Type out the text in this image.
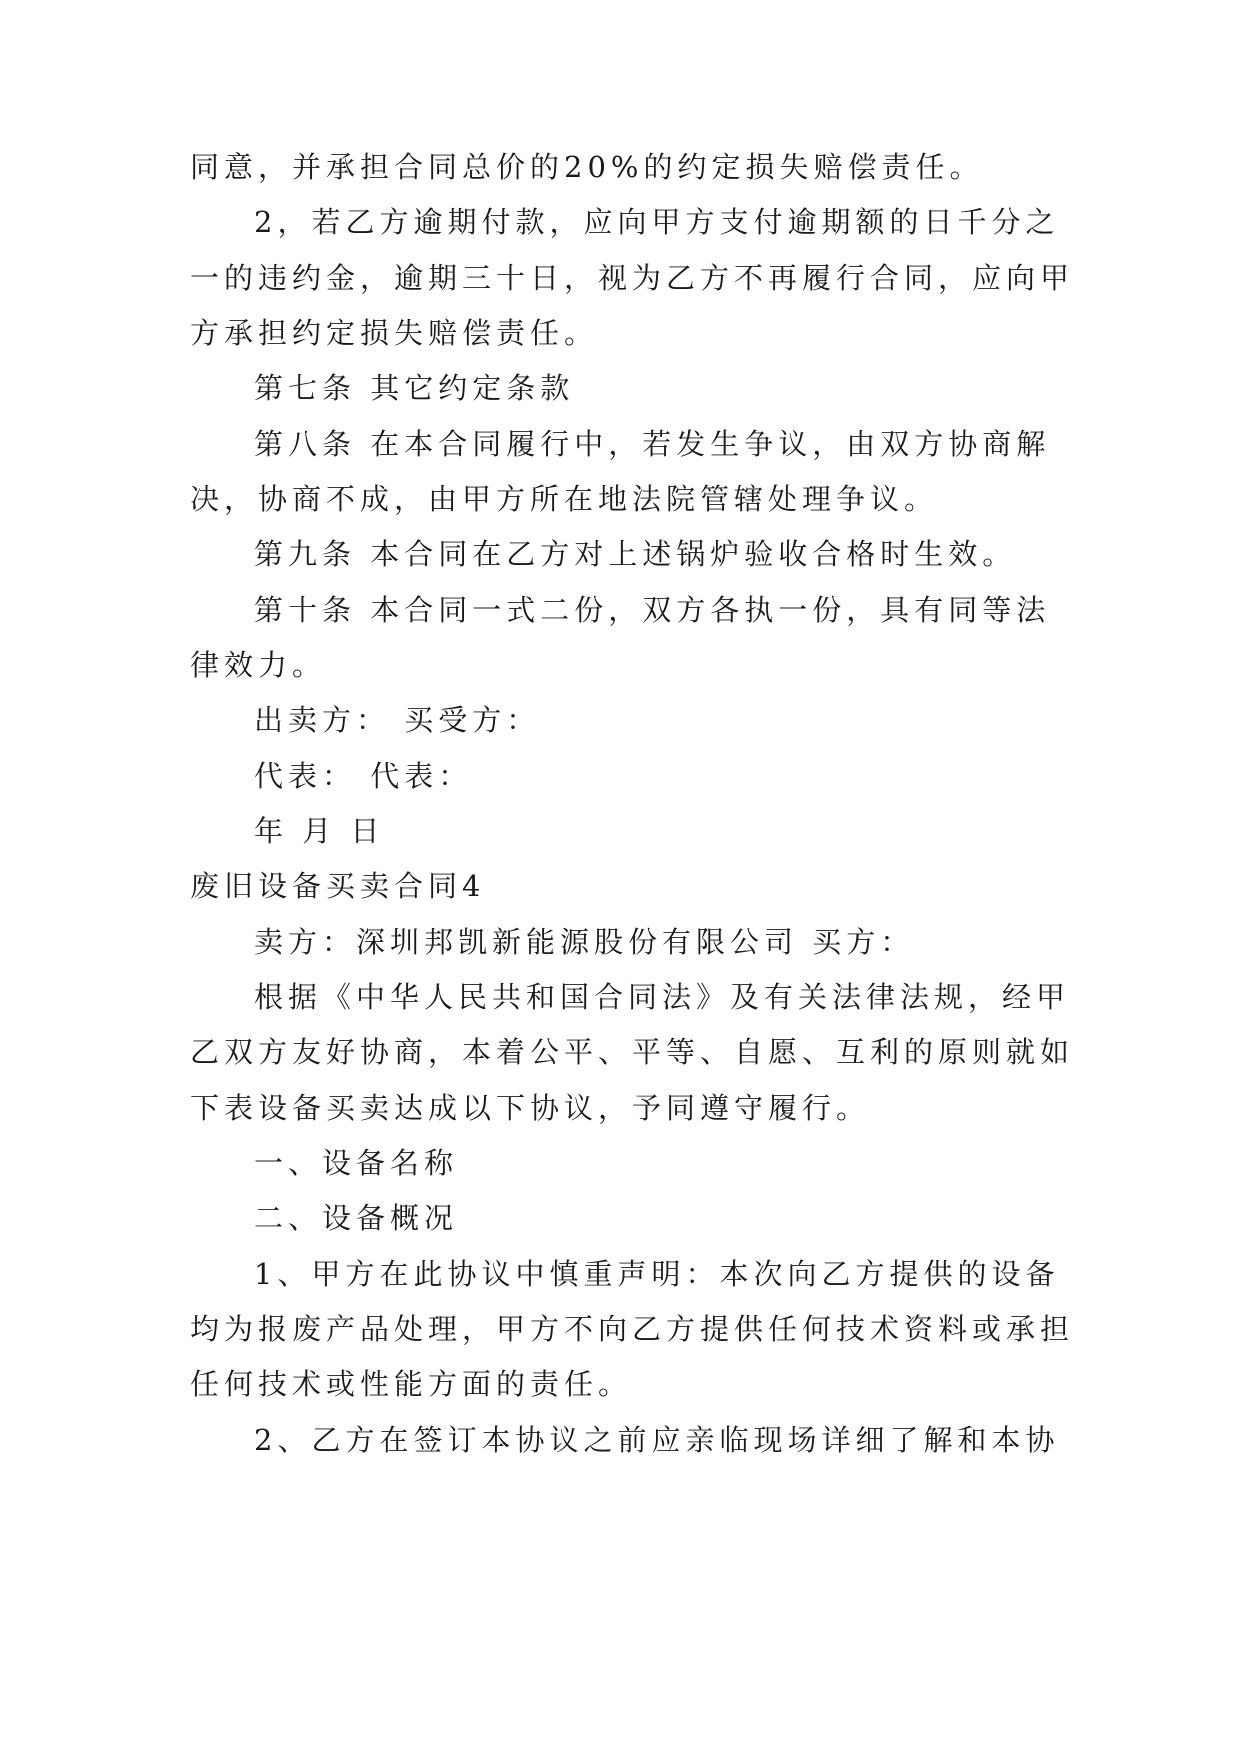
同意，并承担合同总价的20%的约定损失赔偿责任。
2，若乙方逾期付款，应向甲方支付逾期额的日千分之
一的违约金，逾期三十日，视为乙方不再履行合同，应向甲
方承担约定损失赔偿责任。
第七条 其它约定条款
第八条 在本合同履行中，若发生争议，由双方协商解
决，协商不成，由甲方所在地法院管辖处理争议。
第九条 本合同在乙方对上述锅炉验收合格时生效。
第十条 本合同一式二份，双方各执一份，具有同等法
律效力。
出卖方： 买受方：
代表： 代表：
年 月 日
废旧设备买卖合同4
卖方：深圳邦凯新能源股份有限公司 买方：
根据《中华人民共和国合同法》及有关法律法规，经甲
乙双方友好协商，本着公平、平等、自愿、互利的原则就如
下表设备买卖达成以下协议，予同遵守履行。
一、设备名称
二、设备概况
1、甲方在此协议中慎重声明：本次向乙方提供的设备
均为报废产品处理，甲方不向乙方提供任何技术资料或承担
任何技术或性能方面的责任。
2、乙方在签订本协议之前应亲临现场详细了解和本协
